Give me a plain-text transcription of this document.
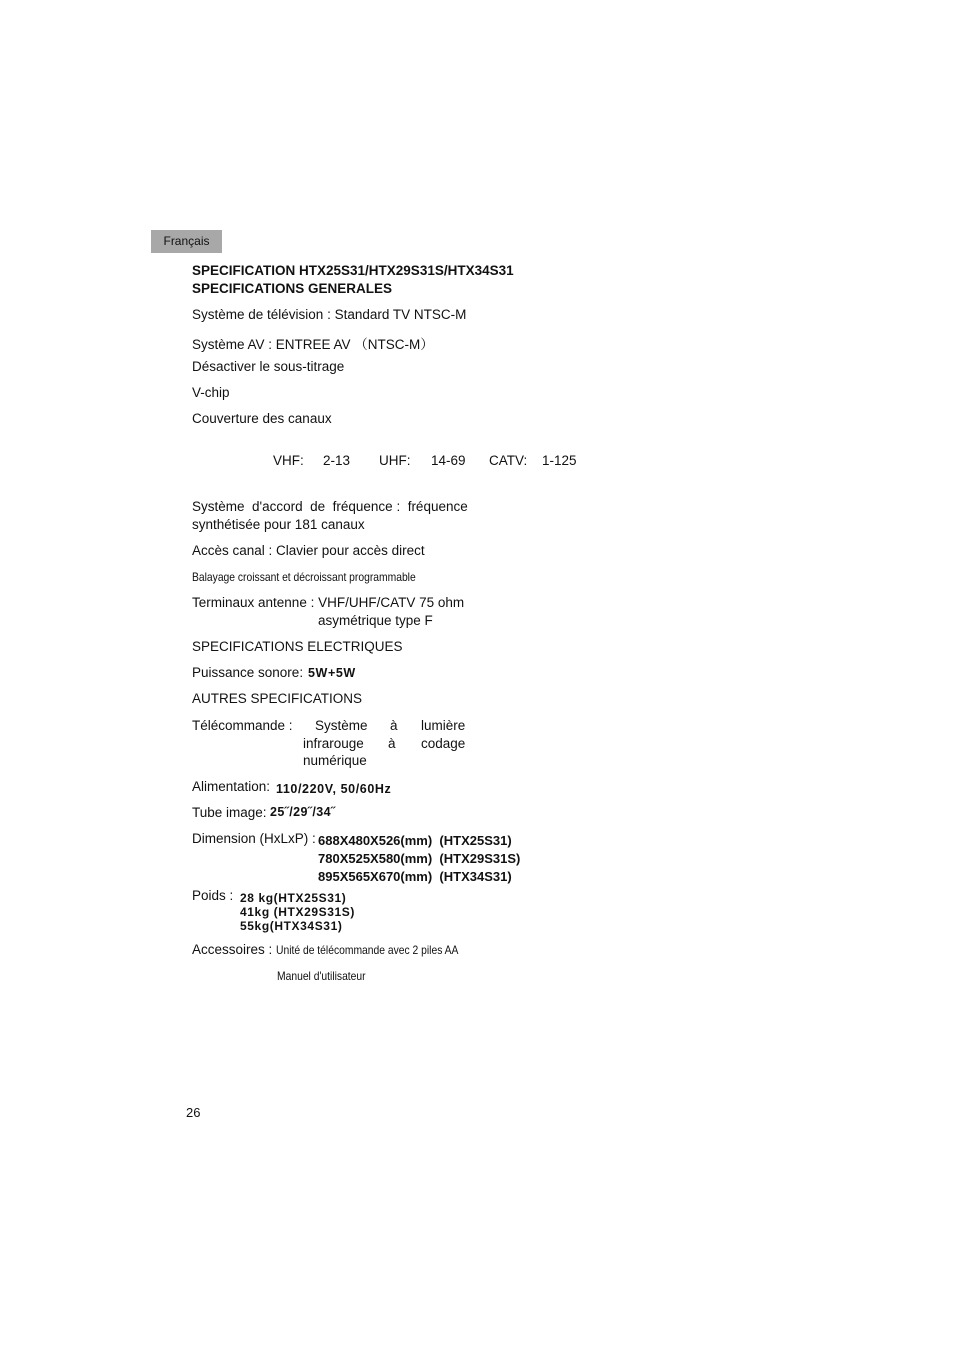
Français
SPECIFICATION HTX25S31/HTX29S31S/HTX34S31
SPECIFICATIONS GENERALES
Système de télévision : Standard TV NTSC-M
Système AV : ENTREE AV （NTSC-M）
Désactiver le sous-titrage
V-chip
Couverture des canaux
VHF: 2-13 UHF: 14-69 CATV: 1-125
Système  d'accord  de  fréquence :  fréquence
synthétisée pour 181 canaux
Accès canal : Clavier pour accès direct
Balayage croissant et décroissant programmable
Terminaux antenne : VHF/UHF/CATV 75 ohm
asymétrique type F
SPECIFICATIONS ELECTRIQUES
Puissance sonore: 5W+5W
AUTRES SPECIFICATIONS
Télécommande : Système à lumière
infrarouge à codage
numérique
Alimentation: 110/220V, 50/60Hz
Tube image: 25˝/29˝/34˝
Dimension (HxLxP) : 688X480X526(mm)  (HTX25S31)
780X525X580(mm)  (HTX29S31S)
895X565X670(mm)  (HTX34S31)
Poids : 28 kg(HTX25S31)
41kg (HTX29S31S)
55kg(HTX34S31)
Accessoires : Unité de télécommande avec 2 piles AA
Manuel d'utilisateur
26
